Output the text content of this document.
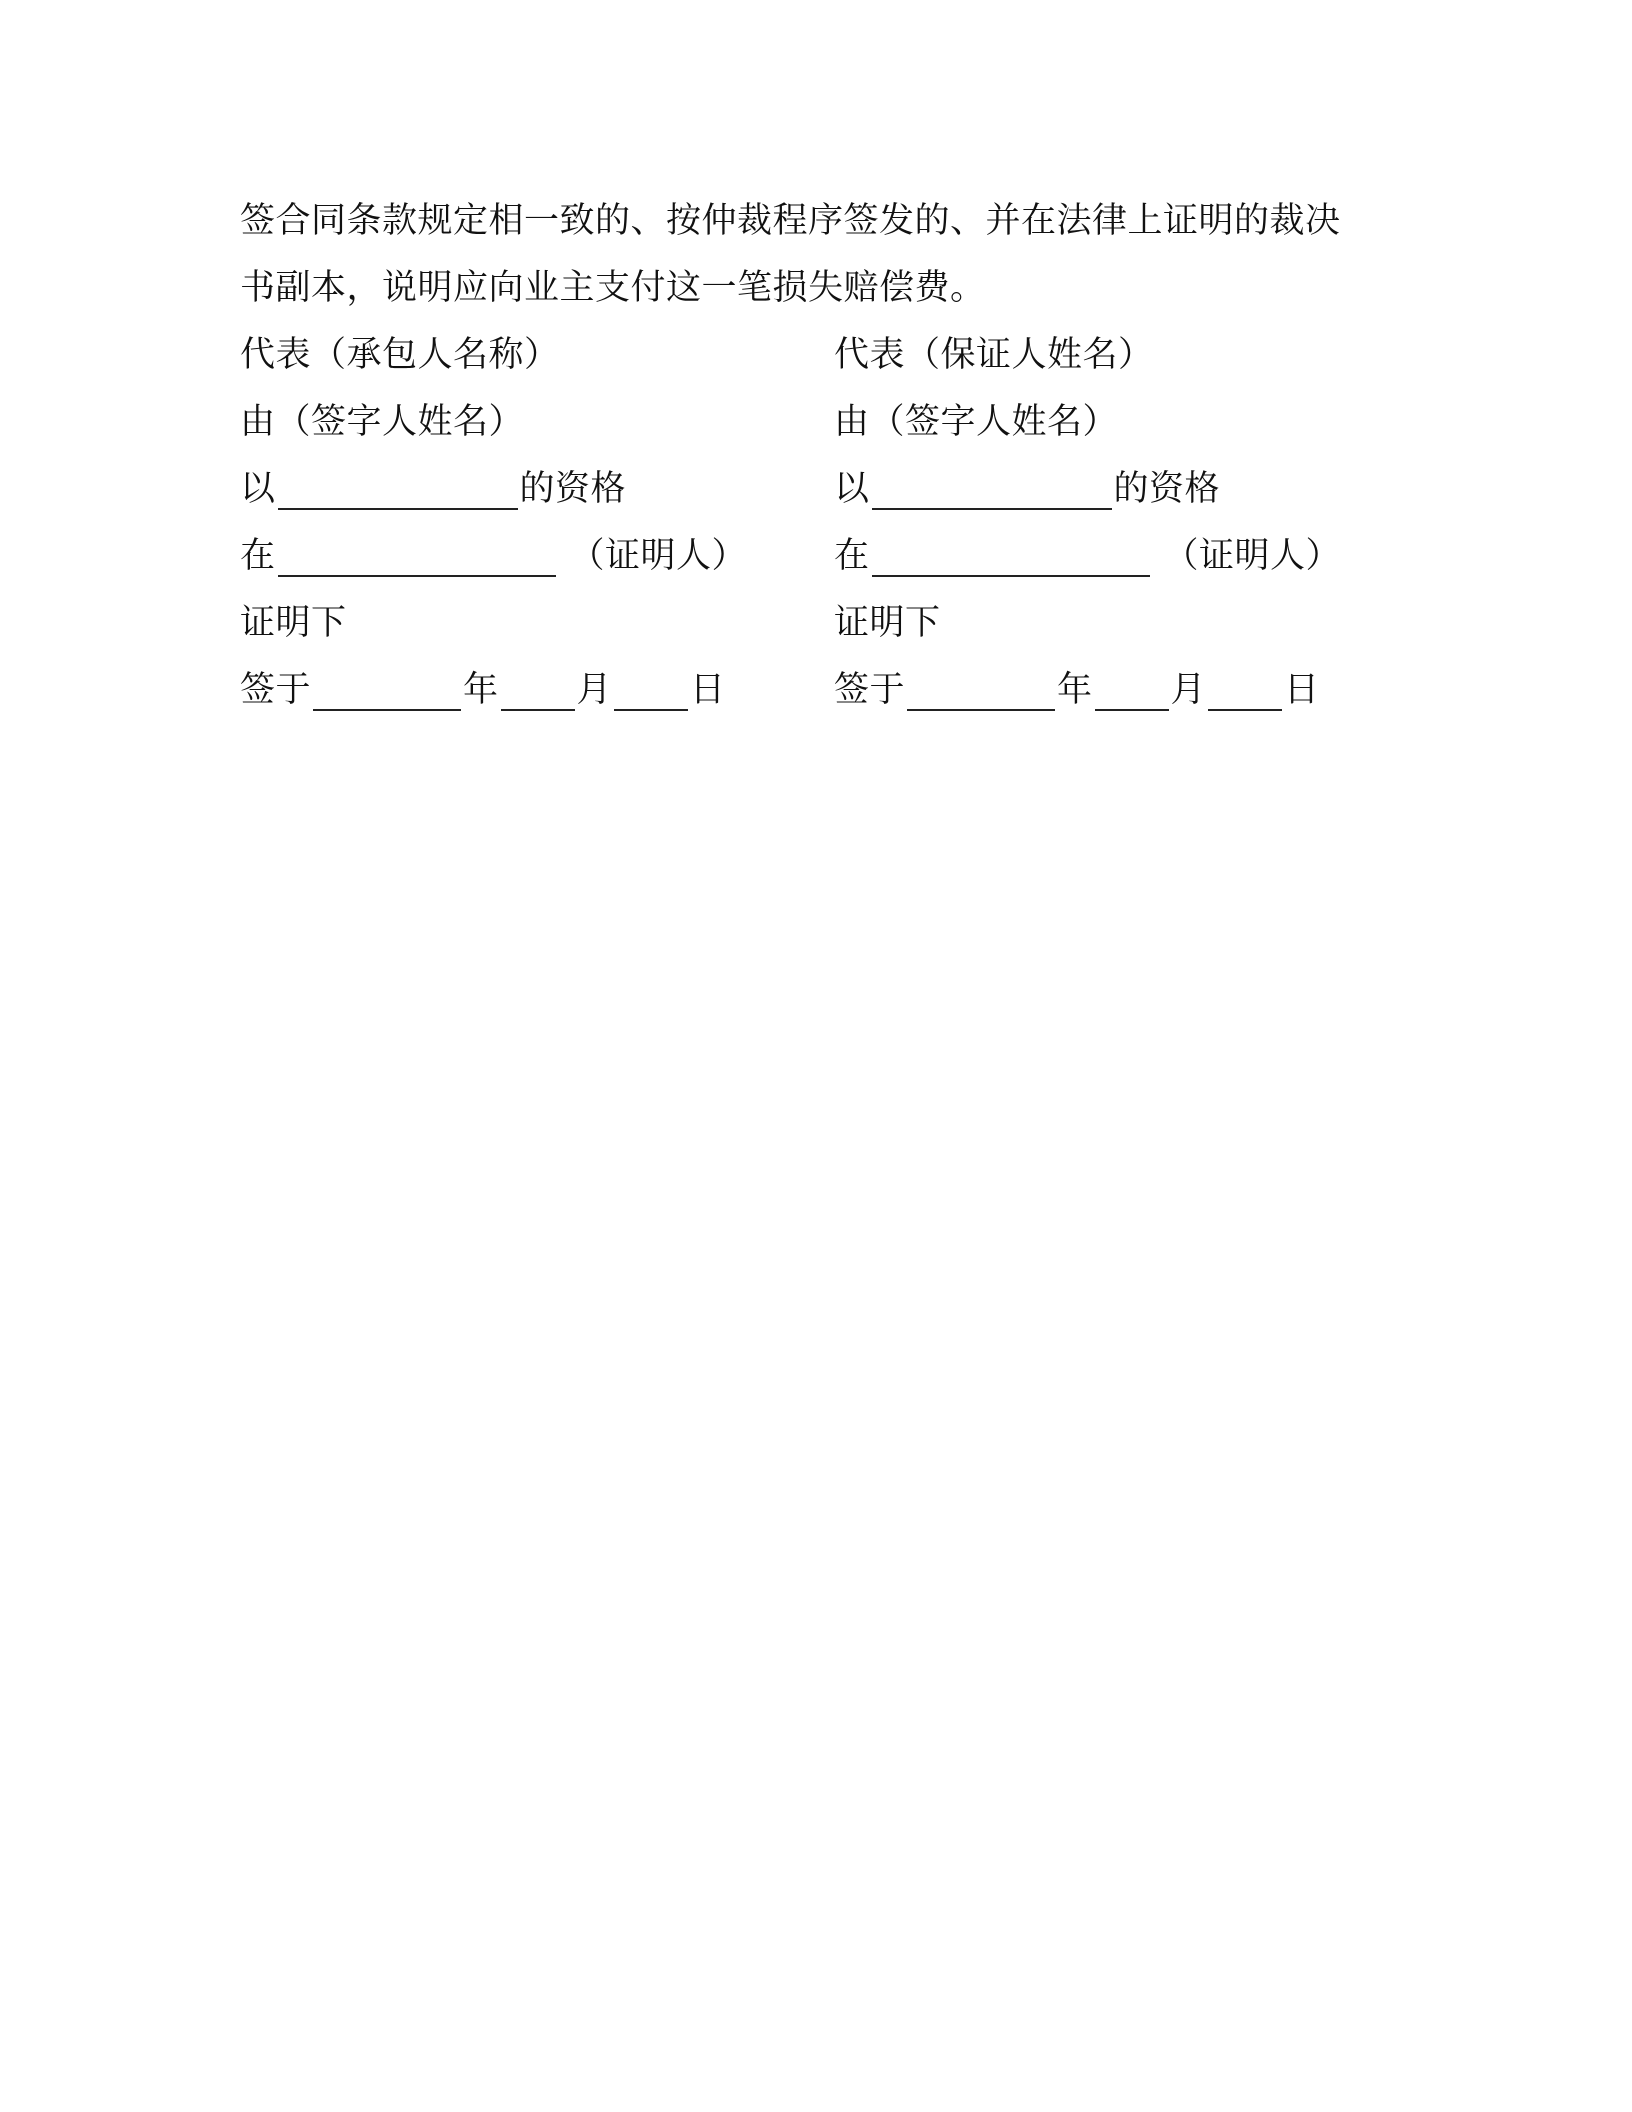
签合同条款规定相一致的、按仲裁程序签发的、并在法律上证明的裁决
书副本，说明应向业主支付这一笔损失赔偿费。
代表（承包人名称）
由（签字人姓名）
以	的资格
在	（证明人）
证明下
签于	年 月 日
代表（保证人姓名）
由（签字人姓名）
以	的资格
在	（证明人）
证明下
签于	年 月 日
